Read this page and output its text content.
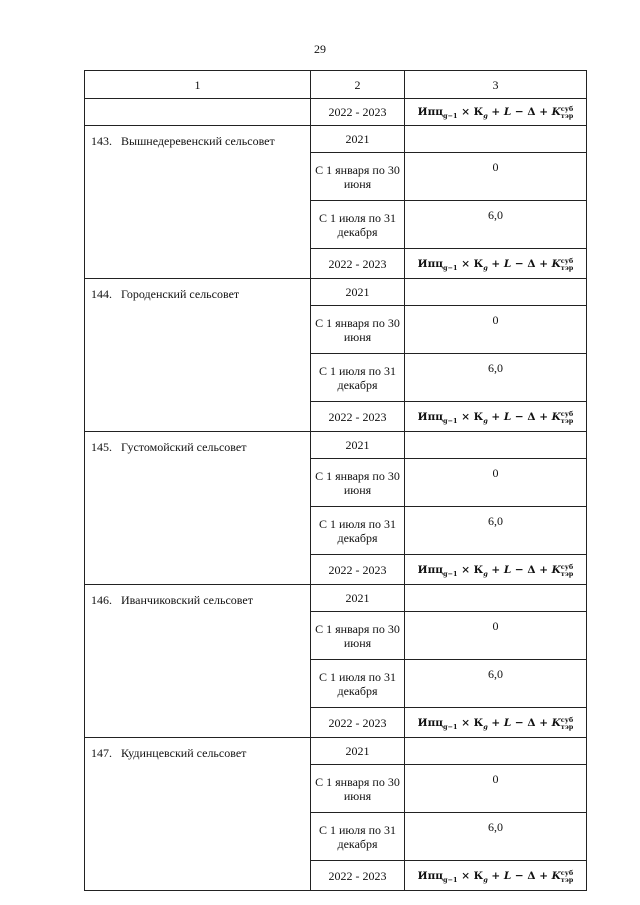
29
1	2	3
	2022 - 2023	$Ипц_{g-1} \times К_g + L - \Delta + K$ суб
тэр

143. Вышнедеревенский сельсовет	2021	
	С 1 января по 30 июня	0
	С 1 июля по 31 декабря	6,0
	2022 - 2023	$Ипц_{g-1} \times К_g + L - \Delta + K$ суб
тэр

144. Городенский сельсовет	2021	
	С 1 января по 30 июня	0
	С 1 июля по 31 декабря	6,0
	2022 - 2023	$Ипц_{g-1} \times К_g + L - \Delta + K$ суб
тэр

145. Густомойский сельсовет	2021	
	С 1 января по 30 июня	0
	С 1 июля по 31 декабря	6,0
	2022 - 2023	$Ипц_{g-1} \times К_g + L - \Delta + K$ суб
тэр

146. Иванчиковский сельсовет	2021	
	С 1 января по 30 июня	0
	С 1 июля по 31 декабря	6,0
	2022 - 2023	$Ипц_{g-1} \times К_g + L - \Delta + K$ суб
тэр

147. Кудинцевский сельсовет	2021	
	С 1 января по 30 июня	0
	С 1 июля по 31 декабря	6,0
	2022 - 2023	$Ипц_{g-1} \times К_g + L - \Delta + K$ суб
тэр
